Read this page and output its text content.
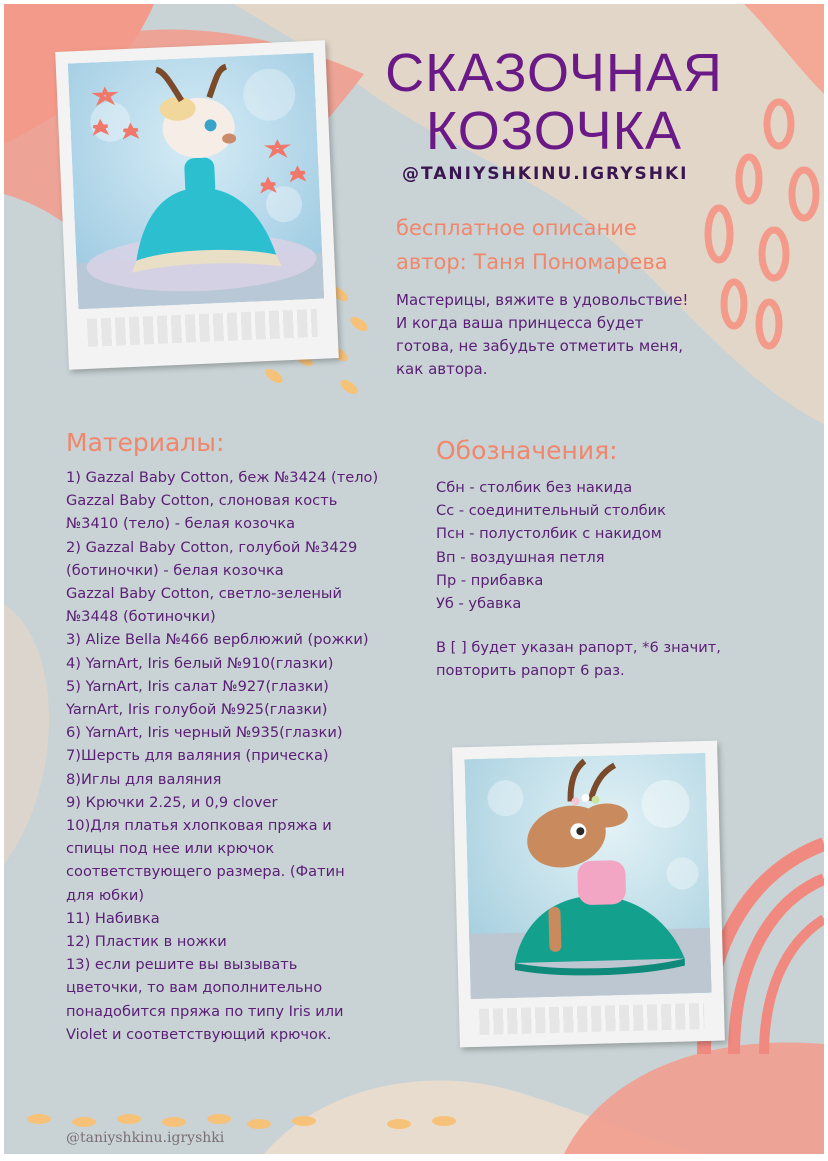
СКАЗОЧНАЯ
КОЗОЧКА
@TANIYSHKINU.IGRYSHKI
бесплатное описание
автор: Таня Пономарева
Мастерицы, вяжите в удовольствие!
И когда ваша принцесса будет
готова, не забудьте отметить меня,
как автора.
Материалы:
1) Gazzal Baby Cotton, беж №3424 (тело)
Gazzal Baby Cotton, слоновая кость
№3410 (тело) - белая козочка
2) Gazzal Baby Cotton, голубой №3429
(ботиночки) - белая козочка
Gazzal Baby Cotton, светло-зеленый
№3448 (ботиночки)
3) Alize Bella №466 верблюжий (рожки)
4) YarnArt, Iris белый №910(глазки)
5) YarnArt, Iris салат №927(глазки)
YarnArt, Iris голубой №925(глазки)
6) YarnArt, Iris черный №935(глазки)
7)Шерсть для валяния (прическа)
8)Иглы для валяния
9) Крючки 2.25, и 0,9 clover
10)Для платья хлопковая пряжа и
спицы под нее или крючок
соответствующего размера. (Фатин
для юбки)
11) Набивка
12) Пластик в ножки
13) если решите вы вызывать
цветочки, то вам дополнительно
понадобится пряжа по типу Iris или
Violet и соответствующий крючок.
Обозначения:
Сбн - столбик без накида
Сс - соединительный столбик
Псн - полустолбик с накидом
Вп - воздушная петля
Пр - прибавка
Уб - убавка
В [ ] будет указан рапорт, *6 значит,
повторить рапорт 6 раз.
@taniyshkinu.igryshki
